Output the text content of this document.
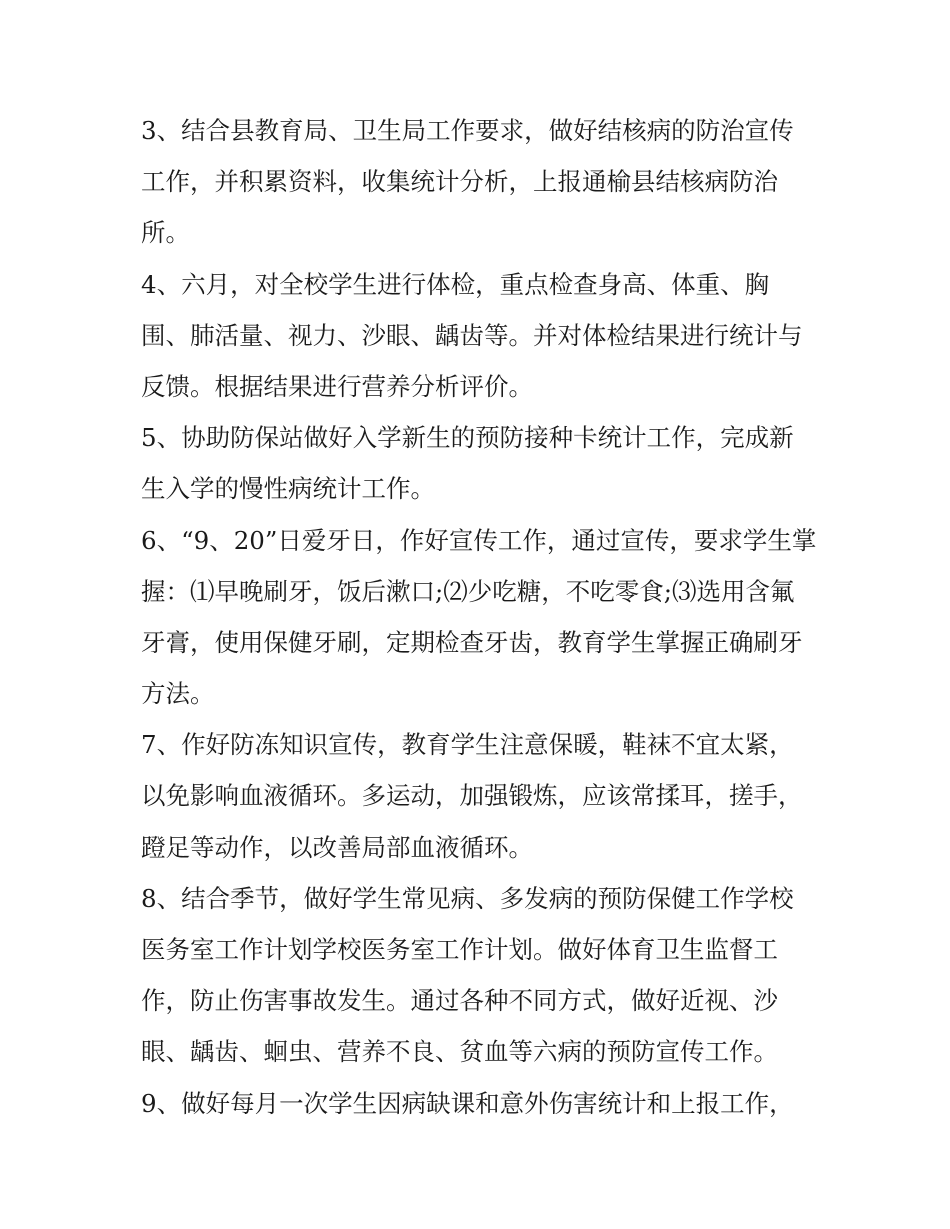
3、结合县教育局、卫生局工作要求，做好结核病的防治宣传
工作，并积累资料，收集统计分析，上报通榆县结核病防治
所。
4、六月，对全校学生进行体检，重点检查身高、体重、胸
围、肺活量、视力、沙眼、龋齿等。并对体检结果进行统计与
反馈。根据结果进行营养分析评价。
5、协助防保站做好入学新生的预防接种卡统计工作，完成新
生入学的慢性病统计工作。
6、“9、20”日爱牙日，作好宣传工作，通过宣传，要求学生掌
握：⑴早晚刷牙，饭后漱口;⑵少吃糖，不吃零食;⑶选用含氟
牙膏，使用保健牙刷，定期检查牙齿，教育学生掌握正确刷牙
方法。
7、作好防冻知识宣传，教育学生注意保暖，鞋袜不宜太紧，
以免影响血液循环。多运动，加强锻炼，应该常揉耳，搓手，
蹬足等动作，以改善局部血液循环。
8、结合季节，做好学生常见病、多发病的预防保健工作学校
医务室工作计划学校医务室工作计划。做好体育卫生监督工
作，防止伤害事故发生。通过各种不同方式，做好近视、沙
眼、龋齿、蛔虫、营养不良、贫血等六病的预防宣传工作。
9、做好每月一次学生因病缺课和意外伤害统计和上报工作，
